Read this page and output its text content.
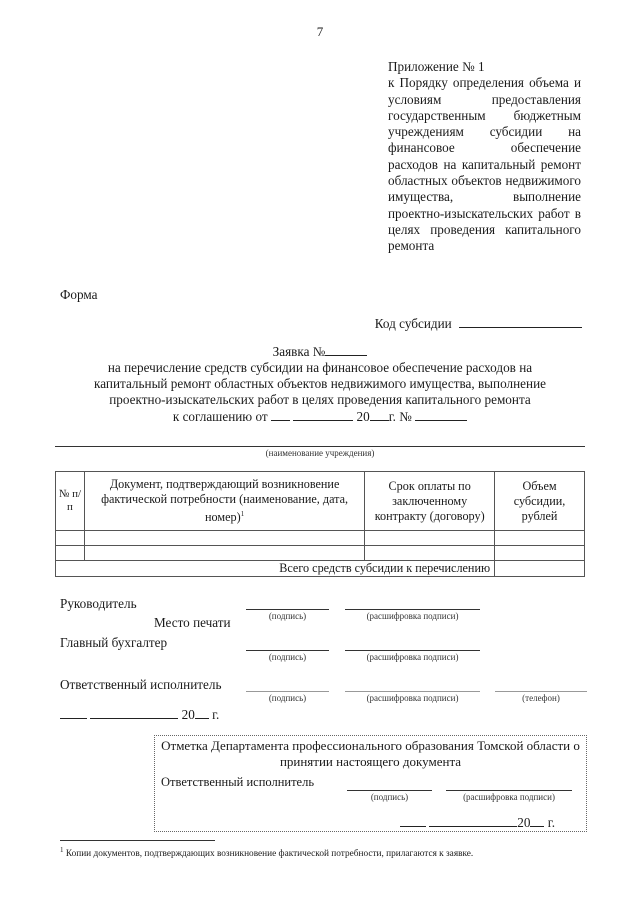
7
Приложение № 1
к Порядку определения объема и условиям предоставления государственным бюджетным учреждениям субсидии на финансовое обеспечение расходов на капитальный ремонт областных объектов недвижимого имущества, выполнение проектно-изыскательских работ в целях проведения капитального ремонта
Форма
Код субсидии
Заявка №
на перечисление средств субсидии на финансовое обеспечение расходов на
капитальный ремонт областных объектов недвижимого имущества, выполнение
проектно-изыскательских работ в целях проведения капитального ремонта
к соглашению от	20 г. №
(наименование учреждения)
№ п/п	Документ, подтверждающий возникновение фактической потребности (наименование, дата, номер)$^1$	Срок оплаты по заключенному контракту (договору)	Объем субсидии, рублей

Всего средств субсидии к перечислению			
Руководитель
Место печати	(подпись)	(расшифровка подписи)
Главный бухгалтер
(подпись)	(расшифровка подписи)
Ответственный исполнитель
(подпись)	(расшифровка подписи)	(телефон)
20 г.
Отметка Департамента профессионального образования Томской области о
принятии настоящего документа
Ответственный исполнитель
(подпись)	(расшифровка подписи)
20 г.
$^1$ Копии документов, подтверждающих возникновение фактической потребности, прилагаются к заявке.
